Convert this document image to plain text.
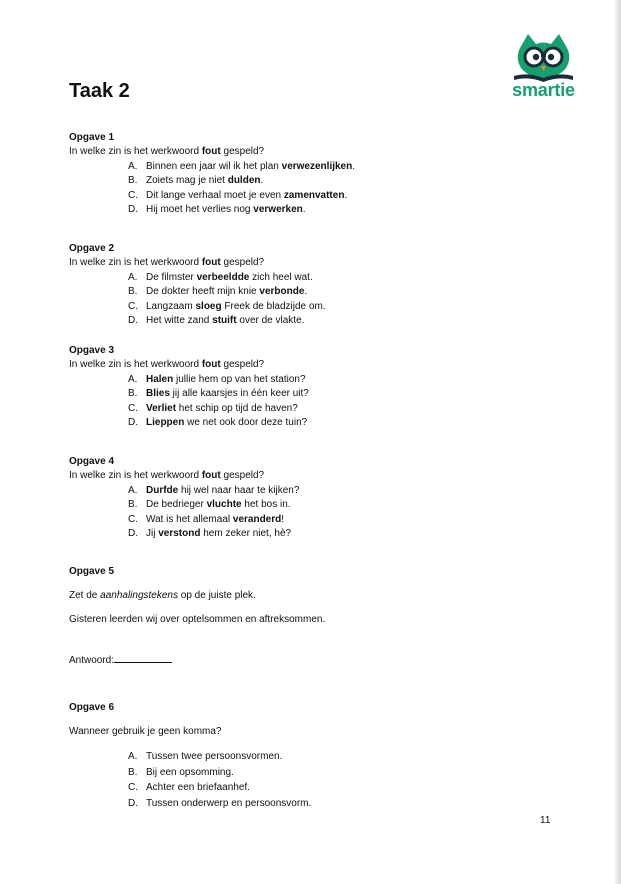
Taak 2	smartie
Opgave 1
In welke zin is het werkwoord fout gespeld?
A. Binnen een jaar wil ik het plan verwezenlijken.
B. Zoiets mag je niet dulden.
C. Dit lange verhaal moet je even zamenvatten.
D. Hij moet het verlies nog verwerken.
Opgave 2
In welke zin is het werkwoord fout gespeld?
A. De filmster verbeeldde zich heel wat.
B. De dokter heeft mijn knie verbonde.
C. Langzaam sloeg Freek de bladzijde om.
D. Het witte zand stuift over de vlakte.
Opgave 3
In welke zin is het werkwoord fout gespeld?
A. Halen jullie hem op van het station?
B. Blies jij alle kaarsjes in één keer uit?
C. Verliet het schip op tijd de haven?
D. Lieppen we net ook door deze tuin?
Opgave 4
In welke zin is het werkwoord fout gespeld?
A. Durfde hij wel naar haar te kijken?
B. De bedrieger vluchte het bos in.
C. Wat is het allemaal veranderd!
D. Jij verstond hem zeker niet, hè?
Opgave 5
Zet de aanhalingstekens op de juiste plek.
Gisteren leerden wij over optelsommen en aftreksommen.
Antwoord:
Opgave 6
Wanneer gebruik je geen komma?
A. Tussen twee persoonsvormen.
B. Bij een opsomming.
C. Achter een briefaanhef.
D. Tussen onderwerp en persoonsvorm.
11
